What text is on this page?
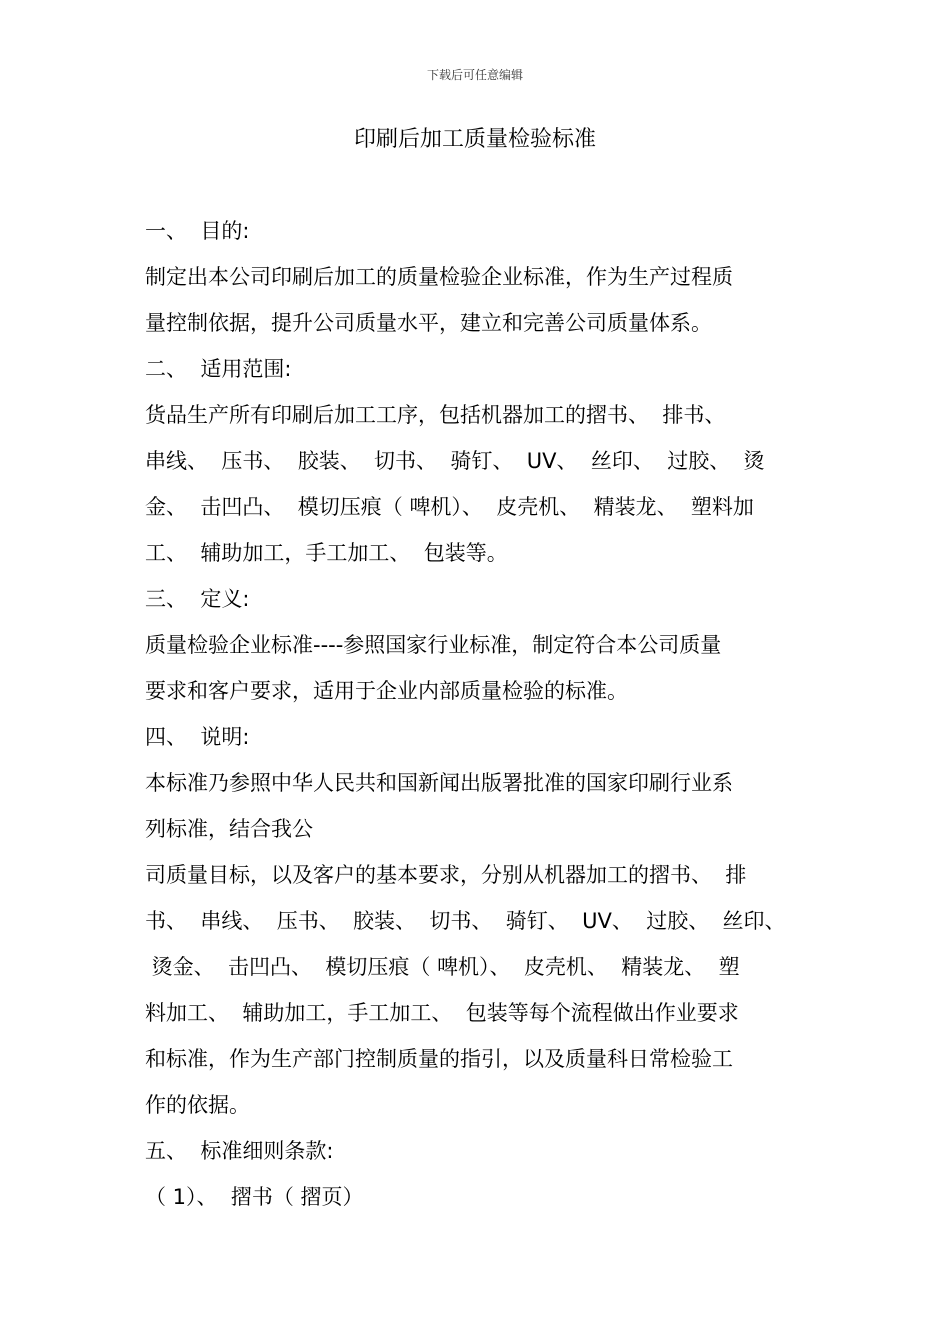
下载后可任意编辑
印刷后加工质量检验标准
一、  目的:
制定出本公司印刷后加工的质量检验企业标准，作为生产过程质
量控制依据，提升公司质量水平，建立和完善公司质量体系。
二、  适用范围:
货品生产所有印刷后加工工序，包括机器加工的摺书、  排书、
串线、  压书、  胶装、  切书、  骑钉、  UV、  丝印、  过胶、  烫
金、  击凹凸、  模切压痕（ 啤机）、  皮壳机、  精装龙、  塑料加
工、  辅助加工，手工加工、  包装等。
三、  定义:
质量检验企业标准----参照国家行业标准，制定符合本公司质量
要求和客户要求，适用于企业内部质量检验的标准。
四、  说明:
本标准乃参照中华人民共和国新闻出版署批准的国家印刷行业系
列标准，结合我公
司质量目标，以及客户的基本要求，分别从机器加工的摺书、  排
书、  串线、  压书、  胶装、  切书、  骑钉、  UV、  过胶、  丝印、
烫金、  击凹凸、  模切压痕（ 啤机）、  皮壳机、  精装龙、  塑
料加工、  辅助加工，手工加工、  包装等每个流程做出作业要求
和标准，作为生产部门控制质量的指引，以及质量科日常检验工
作的依据。
五、  标准细则条款:
（ 1）、  摺书（ 摺页）
